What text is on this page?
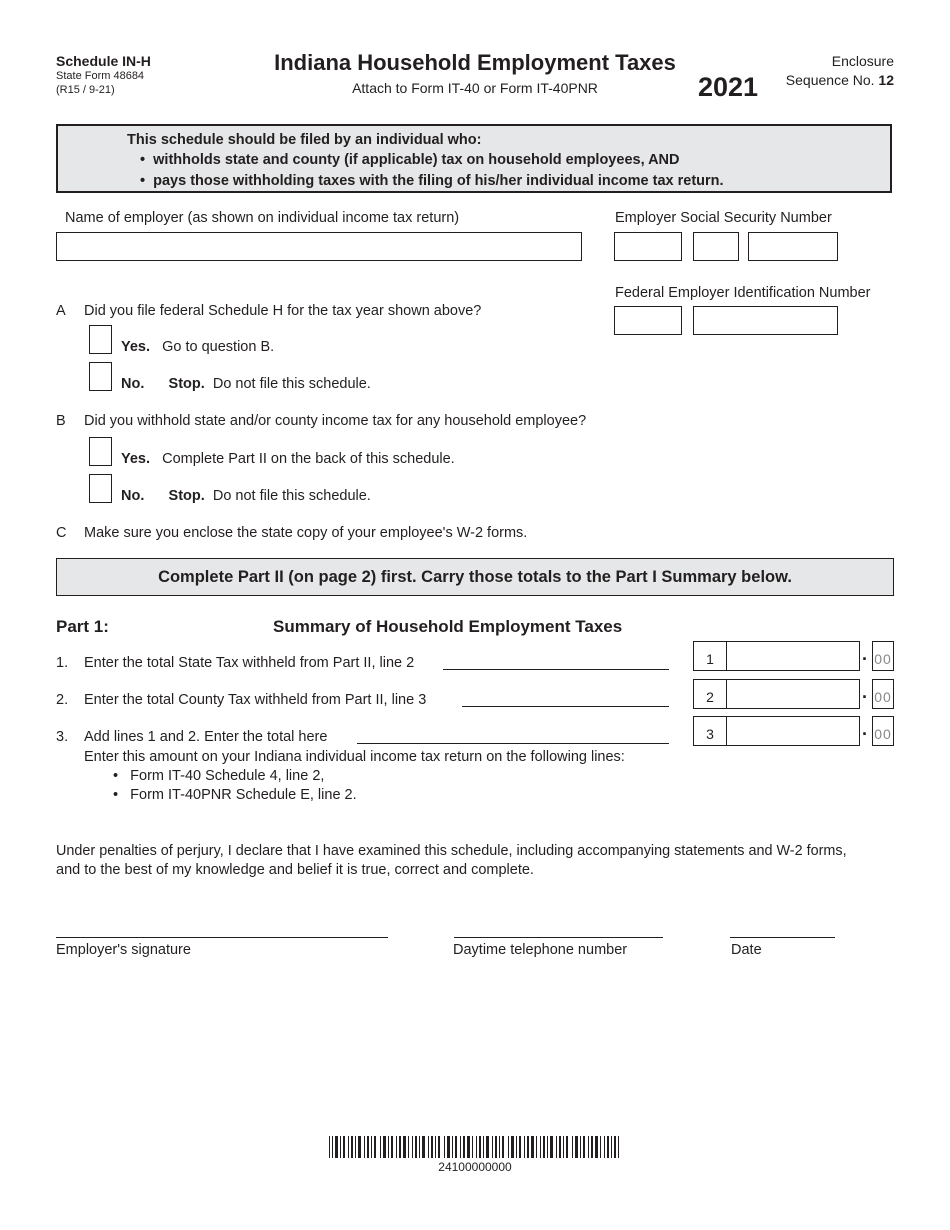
Schedule IN-H
State Form 48684
(R15 / 9-21)
Indiana Household Employment Taxes
Attach to Form IT-40 or Form IT-40PNR	2021
Enclosure
Sequence No. 12
This schedule should be filed by an individual who:
•  withholds state and county (if applicable) tax on household employees, AND
•  pays those withholding taxes with the filing of his/her individual income tax return.
Name of employer (as shown on individual income tax return)	Employer Social Security Number
Federal Employer Identification Number
A Did you file federal Schedule H for the tax year shown above?
Yes. Go to question B.
No. Stop. Do not file this schedule.
B Did you withhold state and/or county income tax for any household employee?
Yes. Complete Part II on the back of this schedule.
No. Stop. Do not file this schedule.
C Make sure you enclose the state copy of your employee's W-2 forms.
Complete Part II (on page 2) first. Carry those totals to the Part I Summary below.
Part 1:	Summary of Household Employment Taxes
1. Enter the total State Tax withheld from Part II, line 2	1	. 00
2. Enter the total County Tax withheld from Part II, line 3	2	. 00
3. Add lines 1 and 2. Enter the total here	3	. 00
Enter this amount on your Indiana individual income tax return on the following lines:
•   Form IT-40 Schedule 4, line 2,
•   Form IT-40PNR Schedule E, line 2.
Under penalties of perjury, I declare that I have examined this schedule, including accompanying statements and W-2 forms,
and to the best of my knowledge and belief it is true, correct and complete.
Employer's signature	Daytime telephone number	Date
24100000000
